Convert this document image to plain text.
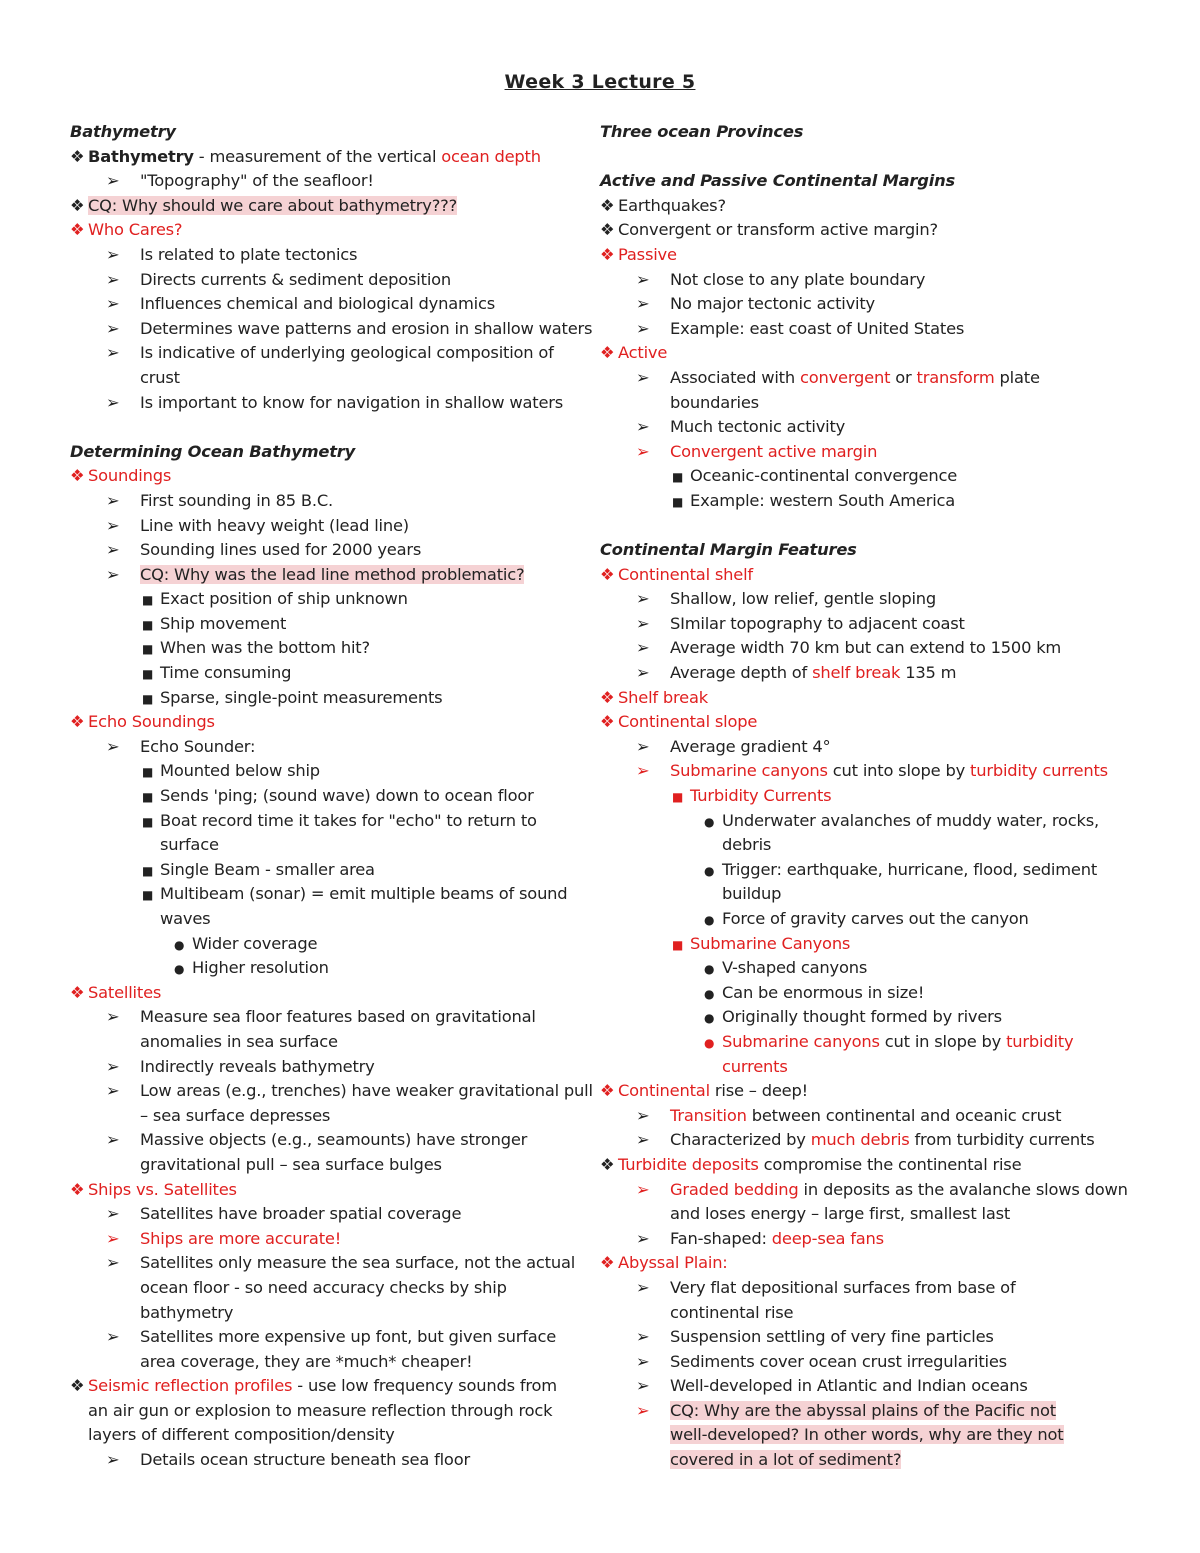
Week 3 Lecture 5
Bathymetry
❖ Bathymetry - measurement of the vertical ocean depth
➢ "Topography" of the seafloor!
❖ CQ: Why should we care about bathymetry???
❖ Who Cares?
➢ Is related to plate tectonics
➢ Directs currents & sediment deposition
➢ Influences chemical and biological dynamics
➢ Determines wave patterns and erosion in shallow waters
➢ Is indicative of underlying geological composition of
crust
➢ Is important to know for navigation in shallow waters
Determining Ocean Bathymetry
❖ Soundings
➢ First sounding in 85 B.C.
➢ Line with heavy weight (lead line)
➢ Sounding lines used for 2000 years
➢ CQ: Why was the lead line method problematic?
■ Exact position of ship unknown
■ Ship movement
■ When was the bottom hit?
■ Time consuming
■ Sparse, single-point measurements
❖ Echo Soundings
➢ Echo Sounder:
■ Mounted below ship
■ Sends 'ping; (sound wave) down to ocean floor
■ Boat record time it takes for "echo" to return to
surface
■ Single Beam - smaller area
■ Multibeam (sonar) = emit multiple beams of sound
waves
● Wider coverage
● Higher resolution
❖ Satellites
➢ Measure sea floor features based on gravitational
anomalies in sea surface
➢ Indirectly reveals bathymetry
➢ Low areas (e.g., trenches) have weaker gravitational pull
– sea surface depresses
➢ Massive objects (e.g., seamounts) have stronger
gravitational pull – sea surface bulges
❖ Ships vs. Satellites
➢ Satellites have broader spatial coverage
➢ Ships are more accurate!
➢ Satellites only measure the sea surface, not the actual
ocean floor - so need accuracy checks by ship
bathymetry
➢ Satellites more expensive up font, but given surface
area coverage, they are *much* cheaper!
❖ Seismic reflection profiles - use low frequency sounds from
an air gun or explosion to measure reflection through rock
layers of different composition/density
➢ Details ocean structure beneath sea floor
Three ocean Provinces
Active and Passive Continental Margins
❖ Earthquakes?
❖ Convergent or transform active margin?
❖ Passive
➢ Not close to any plate boundary
➢ No major tectonic activity
➢ Example: east coast of United States
❖ Active
➢ Associated with convergent or transform plate
boundaries
➢ Much tectonic activity
➢ Convergent active margin
■ Oceanic-continental convergence
■ Example: western South America
Continental Margin Features
❖ Continental shelf
➢ Shallow, low relief, gentle sloping
➢ SImilar topography to adjacent coast
➢ Average width 70 km but can extend to 1500 km
➢ Average depth of shelf break 135 m
❖ Shelf break
❖ Continental slope
➢ Average gradient 4°
➢ Submarine canyons cut into slope by turbidity currents
■ Turbidity Currents
● Underwater avalanches of muddy water, rocks,
debris
● Trigger: earthquake, hurricane, flood, sediment
buildup
● Force of gravity carves out the canyon
■ Submarine Canyons
● V-shaped canyons
● Can be enormous in size!
● Originally thought formed by rivers
● Submarine canyons cut in slope by turbidity
currents
❖ Continental rise – deep!
➢ Transition between continental and oceanic crust
➢ Characterized by much debris from turbidity currents
❖ Turbidite deposits compromise the continental rise
➢ Graded bedding in deposits as the avalanche slows down
and loses energy – large first, smallest last
➢ Fan-shaped: deep-sea fans
❖ Abyssal Plain:
➢ Very flat depositional surfaces from base of
continental rise
➢ Suspension settling of very fine particles
➢ Sediments cover ocean crust irregularities
➢ Well-developed in Atlantic and Indian oceans
➢ CQ: Why are the abyssal plains of the Pacific not
well-developed? In other words, why are they not
covered in a lot of sediment?
